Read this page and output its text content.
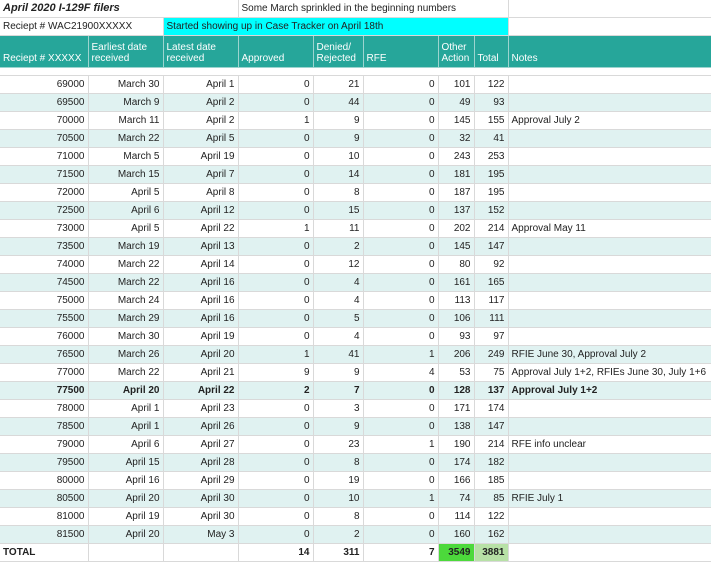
April 2020 I-129F filers			Some March sprinkled in the beginning numbers					
Reciept # WAC21900XXXXX		Started showing up in Case Tracker on April 18th						
Reciept # XXXXX	Earliest date received	Latest date received	Approved	Denied/ Rejected	RFE	Other Action	Total	Notes

69000	March 30	April 1	0	21	0	101	122	
69500	March 9	April 2	0	44	0	49	93	
70000	March 11	April 2	1	9	0	145	155	Approval July 2
70500	March 22	April 5	0	9	0	32	41	
71000	March 5	April 19	0	10	0	243	253	
71500	March 15	April 7	0	14	0	181	195	
72000	April 5	April 8	0	8	0	187	195	
72500	April 6	April 12	0	15	0	137	152	
73000	April 5	April 22	1	11	0	202	214	Approval May 11
73500	March 19	April 13	0	2	0	145	147	
74000	March 22	April 14	0	12	0	80	92	
74500	March 22	April 16	0	4	0	161	165	
75000	March 24	April 16	0	4	0	113	117	
75500	March 29	April 16	0	5	0	106	111	
76000	March 30	April 19	0	4	0	93	97	
76500	March 26	April 20	1	41	1	206	249	RFIE June 30, Approval July 2
77000	March 22	April 21	9	9	4	53	75	Approval July 1+2, RFIEs June 30, July 1+6
77500	April 20	April 22	2	7	0	128	137	Approval July 1+2
78000	April 1	April 23	0	3	0	171	174	
78500	April 1	April 26	0	9	0	138	147	
79000	April 6	April 27	0	23	1	190	214	RFE info unclear
79500	April 15	April 28	0	8	0	174	182	
80000	April 16	April 29	0	19	0	166	185	
80500	April 20	April 30	0	10	1	74	85	RFIE July 1
81000	April 19	April 30	0	8	0	114	122	
81500	April 20	May 3	0	2	0	160	162	
TOTAL			14	311	7	3549	3881	
